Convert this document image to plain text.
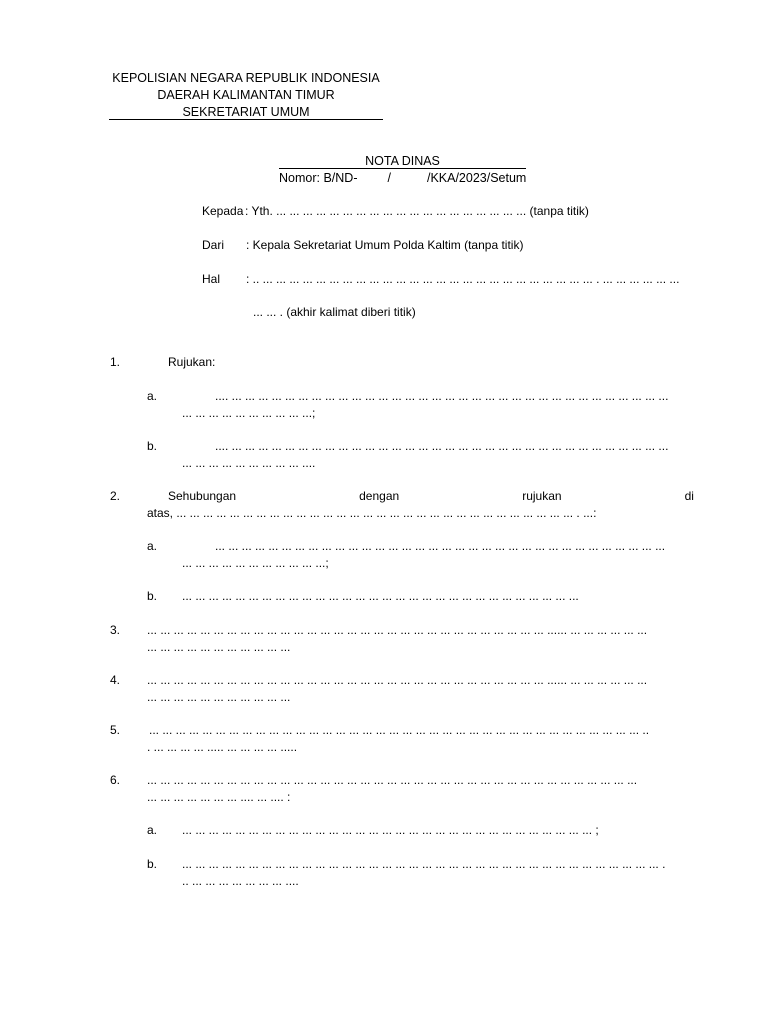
KEPOLISIAN NEGARA REPUBLIK INDONESIA
DAERAH KALIMANTAN TIMUR
SEKRETARIAT UMUM
NOTA DINAS
Nomor: B/ND- /	/KKA/2023/Setum
Kepada : Yth. ... ... ... ... ... ... ... ... ... ... ... ... ... ... ... ... ... ... ... (tanpa titik)
Dari : Kepala Sekretariat Umum Polda Kaltim (tanpa titik)
Hal : .. ... ... ... ... ... ... ... ... ... ... ... ... ... ... ... ... ... ... ... ... ... ... ... ... ... . ... ... ... ... ... ...
... ... . (akhir kalimat diberi titik)
1.	Rujukan:
a.	.... ... ... ... ... ... ... ... ... ... ... ... ... ... ... ... ... ... ... ... ... ... ... ... ... ... ... ... ... ... ... ... ... ...
... ... ... ... ... ... ... ... ... ...;
b.	.... ... ... ... ... ... ... ... ... ... ... ... ... ... ... ... ... ... ... ... ... ... ... ... ... ... ... ... ... ... ... ... ... ...
... ... ... ... ... ... ... ... ... ....
2.	Sehubungan	dengan	rujukan	di
atas, ... ... ... ... ... ... ... ... ... ... ... ... ... ... ... ... ... ... ... ... ... ... ... ... ... ... ... ... ... ... . ...:
a.	... ... ... ... ... ... ... ... ... ... ... ... ... ... ... ... ... ... ... ... ... ... ... ... ... ... ... ... ... ... ... ... ... ...
... ... ... ... ... ... ... ... ... ... ...;
b. ... ... ... ... ... ... ... ... ... ... ... ... ... ... ... ... ... ... ... ... ... ... ... ... ... ... ... ... ... ...
3. ... ... ... ... ... ... ... ... ... ... ... ... ... ... ... ... ... ... ... ... ... ... ... ... ... ... ... ... ... ... ...... ... ... ... ... ... ...
... ... ... ... ... ... ... ... ... ... ...
4. ... ... ... ... ... ... ... ... ... ... ... ... ... ... ... ... ... ... ... ... ... ... ... ... ... ... ... ... ... ... ...... ... ... ... ... ... ...
... ... ... ... ... ... ... ... ... ... ...
5. ... ... ... ... ... ... ... ... ... ... ... ... ... ... ... ... ... ... ... ... ... ... ... ... ... ... ... ... ... ... ... ... ... ... ... ... ... ..
. ... ... ... ... ..... ... ... ... ... .....
6. ... ... ... ... ... ... ... ... ... ... ... ... ... ... ... ... ... ... ... ... ... ... ... ... ... ... ... ... ... ... ... ... ... ... ... ... ...
... ... ... ... ... ... ... .... ... .... :
a. ... ... ... ... ... ... ... ... ... ... ... ... ... ... ... ... ... ... ... ... ... ... ... ... ... ... ... ... ... ... ... ;
b. ... ... ... ... ... ... ... ... ... ... ... ... ... ... ... ... ... ... ... ... ... ... ... ... ... ... ... ... ... ... ... ... ... ... ... ... .
.. ... ... ... ... ... ... ... ....
